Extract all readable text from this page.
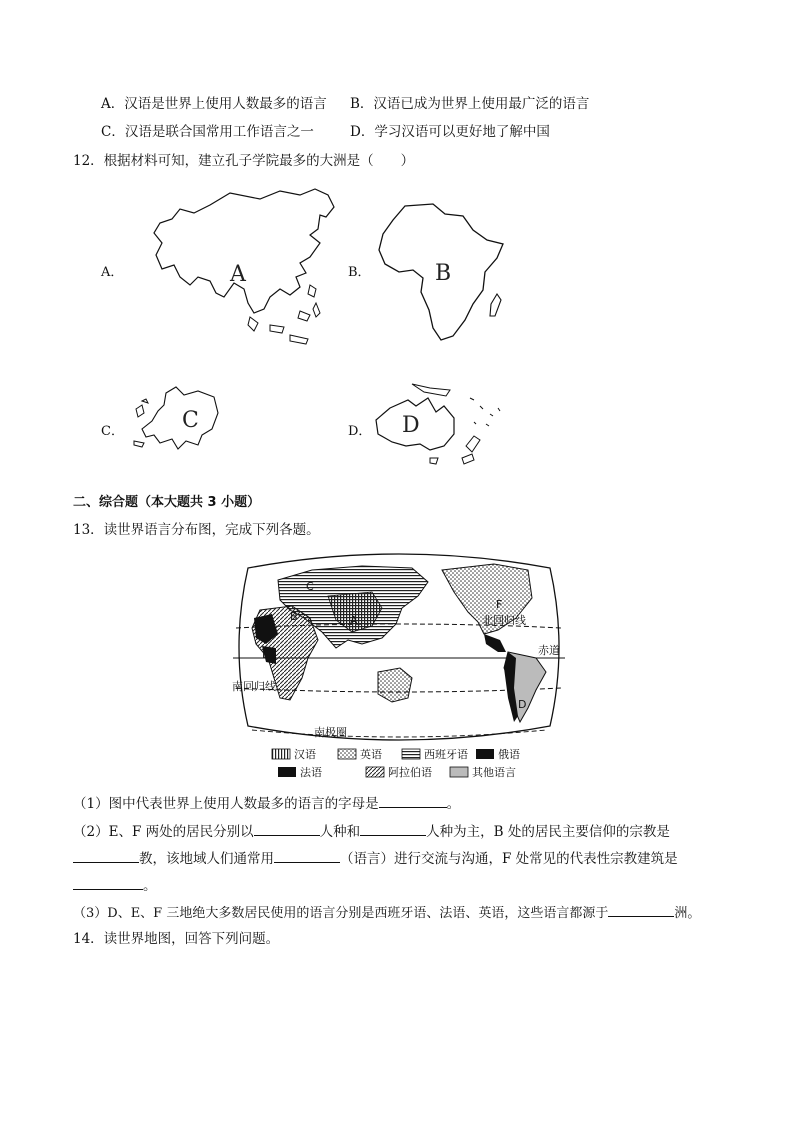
A．汉语是世界上使用人数最多的语言 B．汉语已成为世界上使用最广泛的语言
C．汉语是联合国常用工作语言之一	D．学习汉语可以更好地了解中国
12．根据材料可知，建立孔子学院最多的大洲是（　　）
A．	A	B．	B
C．	C	D． D
二、综合题（本大题共 3 小题）
13．读世界语言分布图，完成下列各题。
北回归线
赤道
南回归线
南极圈
A
B
C
D
E
F
汉语	英语	西班牙语	俄语
法语	阿拉伯语	其他语言
（1）图中代表世界上使用人数最多的语言的字母是	。
（2）E、F 两处的居民分别以	人种和	人种为主，B 处的居民主要信仰的宗教是
教，该地域人们通常用	（语言）进行交流与沟通，F 处常见的代表性宗教建筑是
。
（3）D、E、F 三地绝大多数居民使用的语言分别是西班牙语、法语、英语，这些语言都源于	洲。
14．读世界地图，回答下列问题。
